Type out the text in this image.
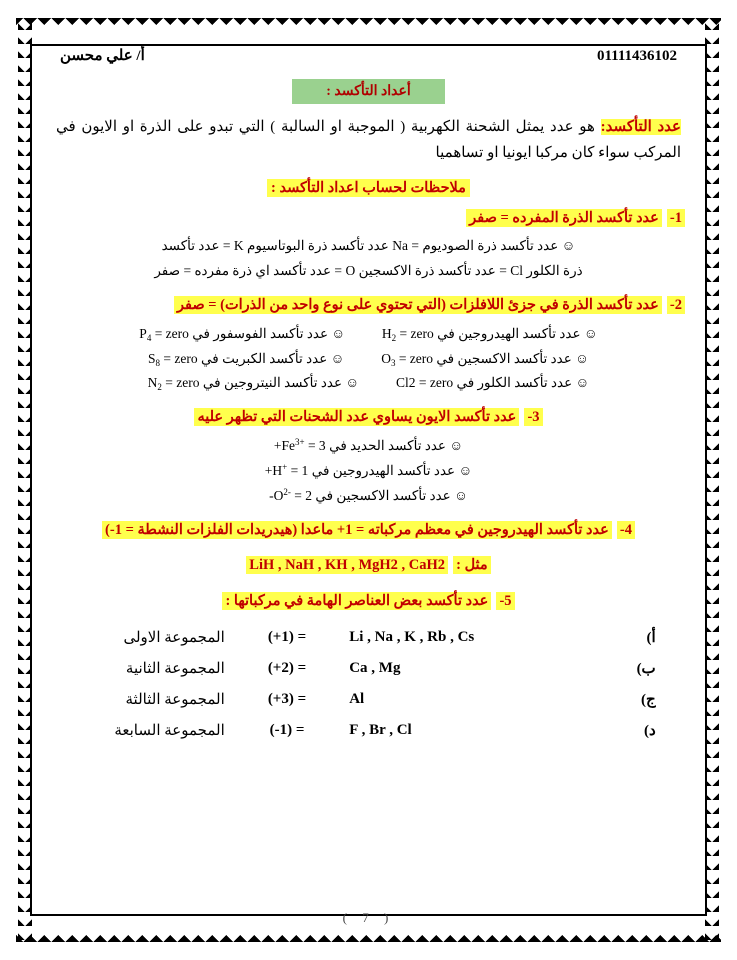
أ/ علي محسن	01111436102
أعداد التأكسد :
عدد التأكسد: هو عدد يمثل الشحنة الكهربية ( الموجبة او السالبة ) التي تبدو على الذرة او الايون في المركب سواء كان مركبا ايونيا او تساهميا
ملاحظات لحساب اعداد التأكسد :
1- عدد تأكسد الذرة المفرده = صفر
☺ عدد تأكسد ذرة الصوديوم = Na عدد تأكسد ذرة البوتاسيوم K = عدد تأكسد
ذرة الكلور Cl = عدد تأكسد ذرة الاكسجين O = عدد تأكسد اي ذرة مفرده = صفر
2- عدد تأكسد الذرة في جزئ اللافلزات (التي تحتوي على نوع واحد من الذرات) = صفر
☺ عدد تأكسد الهيدروجين في $H_2$ = zero  ☺ عدد تأكسد الفوسفور في $P_4$ = zero
☺ عدد تأكسد الاكسجين في $O_3$ = zero  ☺ عدد تأكسد الكبريت في $S_8$ = zero
☺ عدد تأكسد الكلور في Cl2 = zero  ☺ عدد تأكسد النيتروجين في $N_2$ = zero
3- عدد تأكسد الايون يساوي عدد الشحنات التي تظهر عليه
☺ عدد تأكسد الحديد في $Fe^{3+} = 3+$
☺ عدد تأكسد الهيدروجين في H+ = 1+
☺ عدد تأكسد الاكسجين في $O^{2-} = 2-$
4- عدد تأكسد الهيدروجين في معظم مركباته = 1+ ماعدا (هيدريدات الفلزات النشطة = 1-)
مثل : LiH , NaH , KH , MgH2 , CaH2
5- عدد تأكسد بعض العناصر الهامة في مركباتها :
أ)	Li , Na , K , Rb , Cs	= (1+)	المجموعة الاولى
ب)	Ca , Mg	= (2+)	المجموعة الثانية
ج)	Al	= (3+)	المجموعة الثالثة
د)	F , Br , Cl	= (1-)	المجموعة السابعة
( 7 )
